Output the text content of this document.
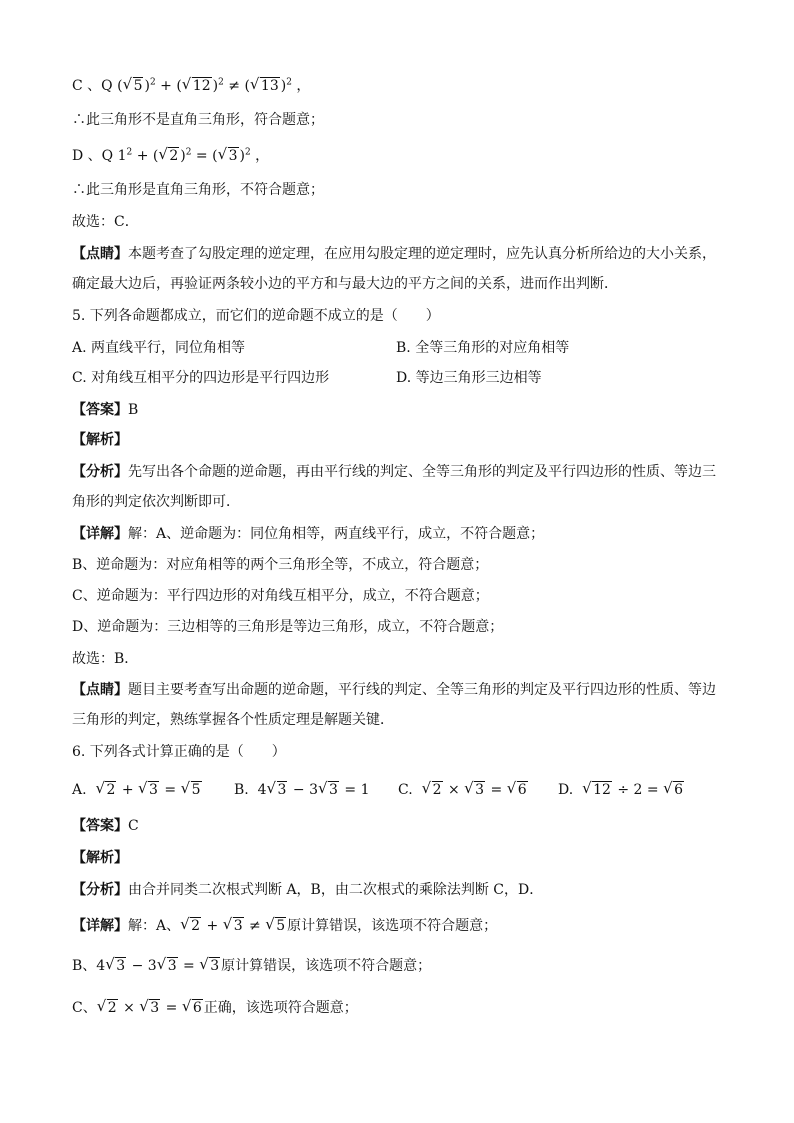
C 、Q ( √ 5 )$^2$ + ( √ 12 )$^2$ ≠ ( √ 13 )$^2$ ，
∴此三角形不是直角三角形，符合题意；
D 、Q $1^2$ + ( √ 2 )$^2$ = ( √ 3 )$^2$ ，
∴此三角形是直角三角形，不符合题意；
故选：C．
【点睛】本题考查了勾股定理的逆定理，在应用勾股定理的逆定理时，应先认真分析所给边的大小关系，
确定最大边后，再验证两条较小边的平方和与最大边的平方之间的关系，进而作出判断．
5. 下列各命题都成立，而它们的逆命题不成立的是（　　）
A. 两直线平行，同位角相等	B. 全等三角形的对应角相等
C. 对角线互相平分的四边形是平行四边形	D. 等边三角形三边相等
【答案】B
【解析】
【分析】先写出各个命题的逆命题，再由平行线的判定、全等三角形的判定及平行四边形的性质、等边三
角形的判定依次判断即可．
【详解】解：A、逆命题为：同位角相等，两直线平行，成立，不符合题意；
B、逆命题为：对应角相等的两个三角形全等，不成立，符合题意；
C、逆命题为：平行四边形的对角线互相平分，成立，不符合题意；
D、逆命题为：三边相等的三角形是等边三角形，成立，不符合题意；
故选：B．
【点睛】题目主要考查写出命题的逆命题，平行线的判定、全等三角形的判定及平行四边形的性质、等边
三角形的判定，熟练掌握各个性质定理是解题关键．
6. 下列各式计算正确的是（　　）
A.  √ 2 + √ 3 = √ 5 B.  4 √ 3 − 3 √ 3 = 1 C.  √ 2 × √ 3 = √ 6 D.  √ 12 ÷ 2 = √ 6
【答案】C
【解析】
【分析】由合并同类二次根式判断 A，B，由二次根式的乘除法判断 C，D．
【详解】解：A、 √ 2 + √ 3 ≠ √ 5 原计算错误，该选项不符合题意；
B、4 √ 3 − 3 √ 3 = √ 3 原计算错误，该选项不符合题意；
C、 √ 2 × √ 3 = √ 6 正确，该选项符合题意；
